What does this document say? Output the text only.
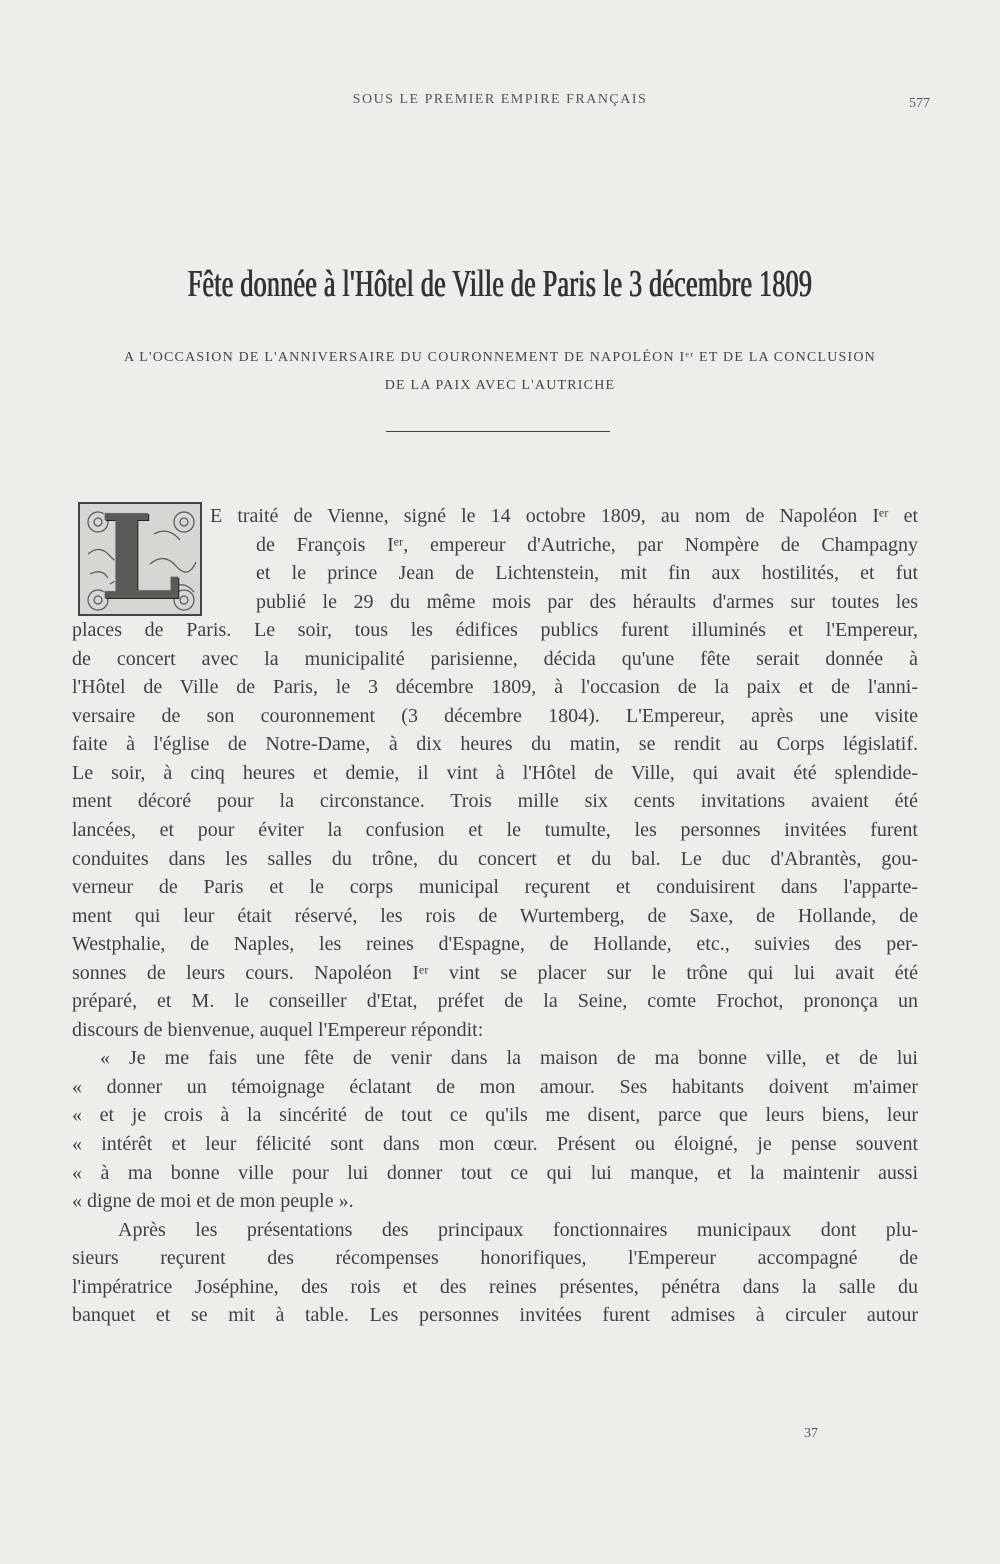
SOUS LE PREMIER EMPIRE FRANÇAIS	577
Fête donnée à l'Hôtel de Ville de Paris le 3 décembre 1809
A L'OCCASION DE L'ANNIVERSAIRE DU COURONNEMENT DE NAPOLÉON Iᵉʳ ET DE LA CONCLUSION
DE LA PAIX AVEC L'AUTRICHE
L	E traité de Vienne, signé le 14 octobre 1809, au nom de Napoléon Iᵉʳ et
de François Iᵉʳ, empereur d'Autriche, par Nompère de Champagny
et le prince Jean de Lichtenstein, mit fin aux hostilités, et fut
publié le 29 du même mois par des héraults d'armes sur toutes les
places de Paris. Le soir, tous les édifices publics furent illuminés et l'Empereur,
de concert avec la municipalité parisienne, décida qu'une fête serait donnée à
l'Hôtel de Ville de Paris, le 3 décembre 1809, à l'occasion de la paix et de l'anni-
versaire de son couronnement (3 décembre 1804). L'Empereur, après une visite
faite à l'église de Notre-Dame, à dix heures du matin, se rendit au Corps législatif.
Le soir, à cinq heures et demie, il vint à l'Hôtel de Ville, qui avait été splendide-
ment décoré pour la circonstance. Trois mille six cents invitations avaient été
lancées, et pour éviter la confusion et le tumulte, les personnes invitées furent
conduites dans les salles du trône, du concert et du bal. Le duc d'Abrantès, gou-
verneur de Paris et le corps municipal reçurent et conduisirent dans l'apparte-
ment qui leur était réservé, les rois de Wurtemberg, de Saxe, de Hollande, de
Westphalie, de Naples, les reines d'Espagne, de Hollande, etc., suivies des per-
sonnes de leurs cours. Napoléon Iᵉʳ vint se placer sur le trône qui lui avait été
préparé, et M. le conseiller d'Etat, préfet de la Seine, comte Frochot, prononça un
discours de bienvenue, auquel l'Empereur répondit:
« Je me fais une fête de venir dans la maison de ma bonne ville, et de lui
« donner un témoignage éclatant de mon amour. Ses habitants doivent m'aimer
« et je crois à la sincérité de tout ce qu'ils me disent, parce que leurs biens, leur
« intérêt et leur félicité sont dans mon cœur. Présent ou éloigné, je pense souvent
« à ma bonne ville pour lui donner tout ce qui lui manque, et la maintenir aussi
« digne de moi et de mon peuple ».
Après les présentations des principaux fonctionnaires municipaux dont plu-
sieurs reçurent des récompenses honorifiques, l'Empereur accompagné de
l'impératrice Joséphine, des rois et des reines présentes, pénétra dans la salle du
banquet et se mit à table. Les personnes invitées furent admises à circuler autour
37
